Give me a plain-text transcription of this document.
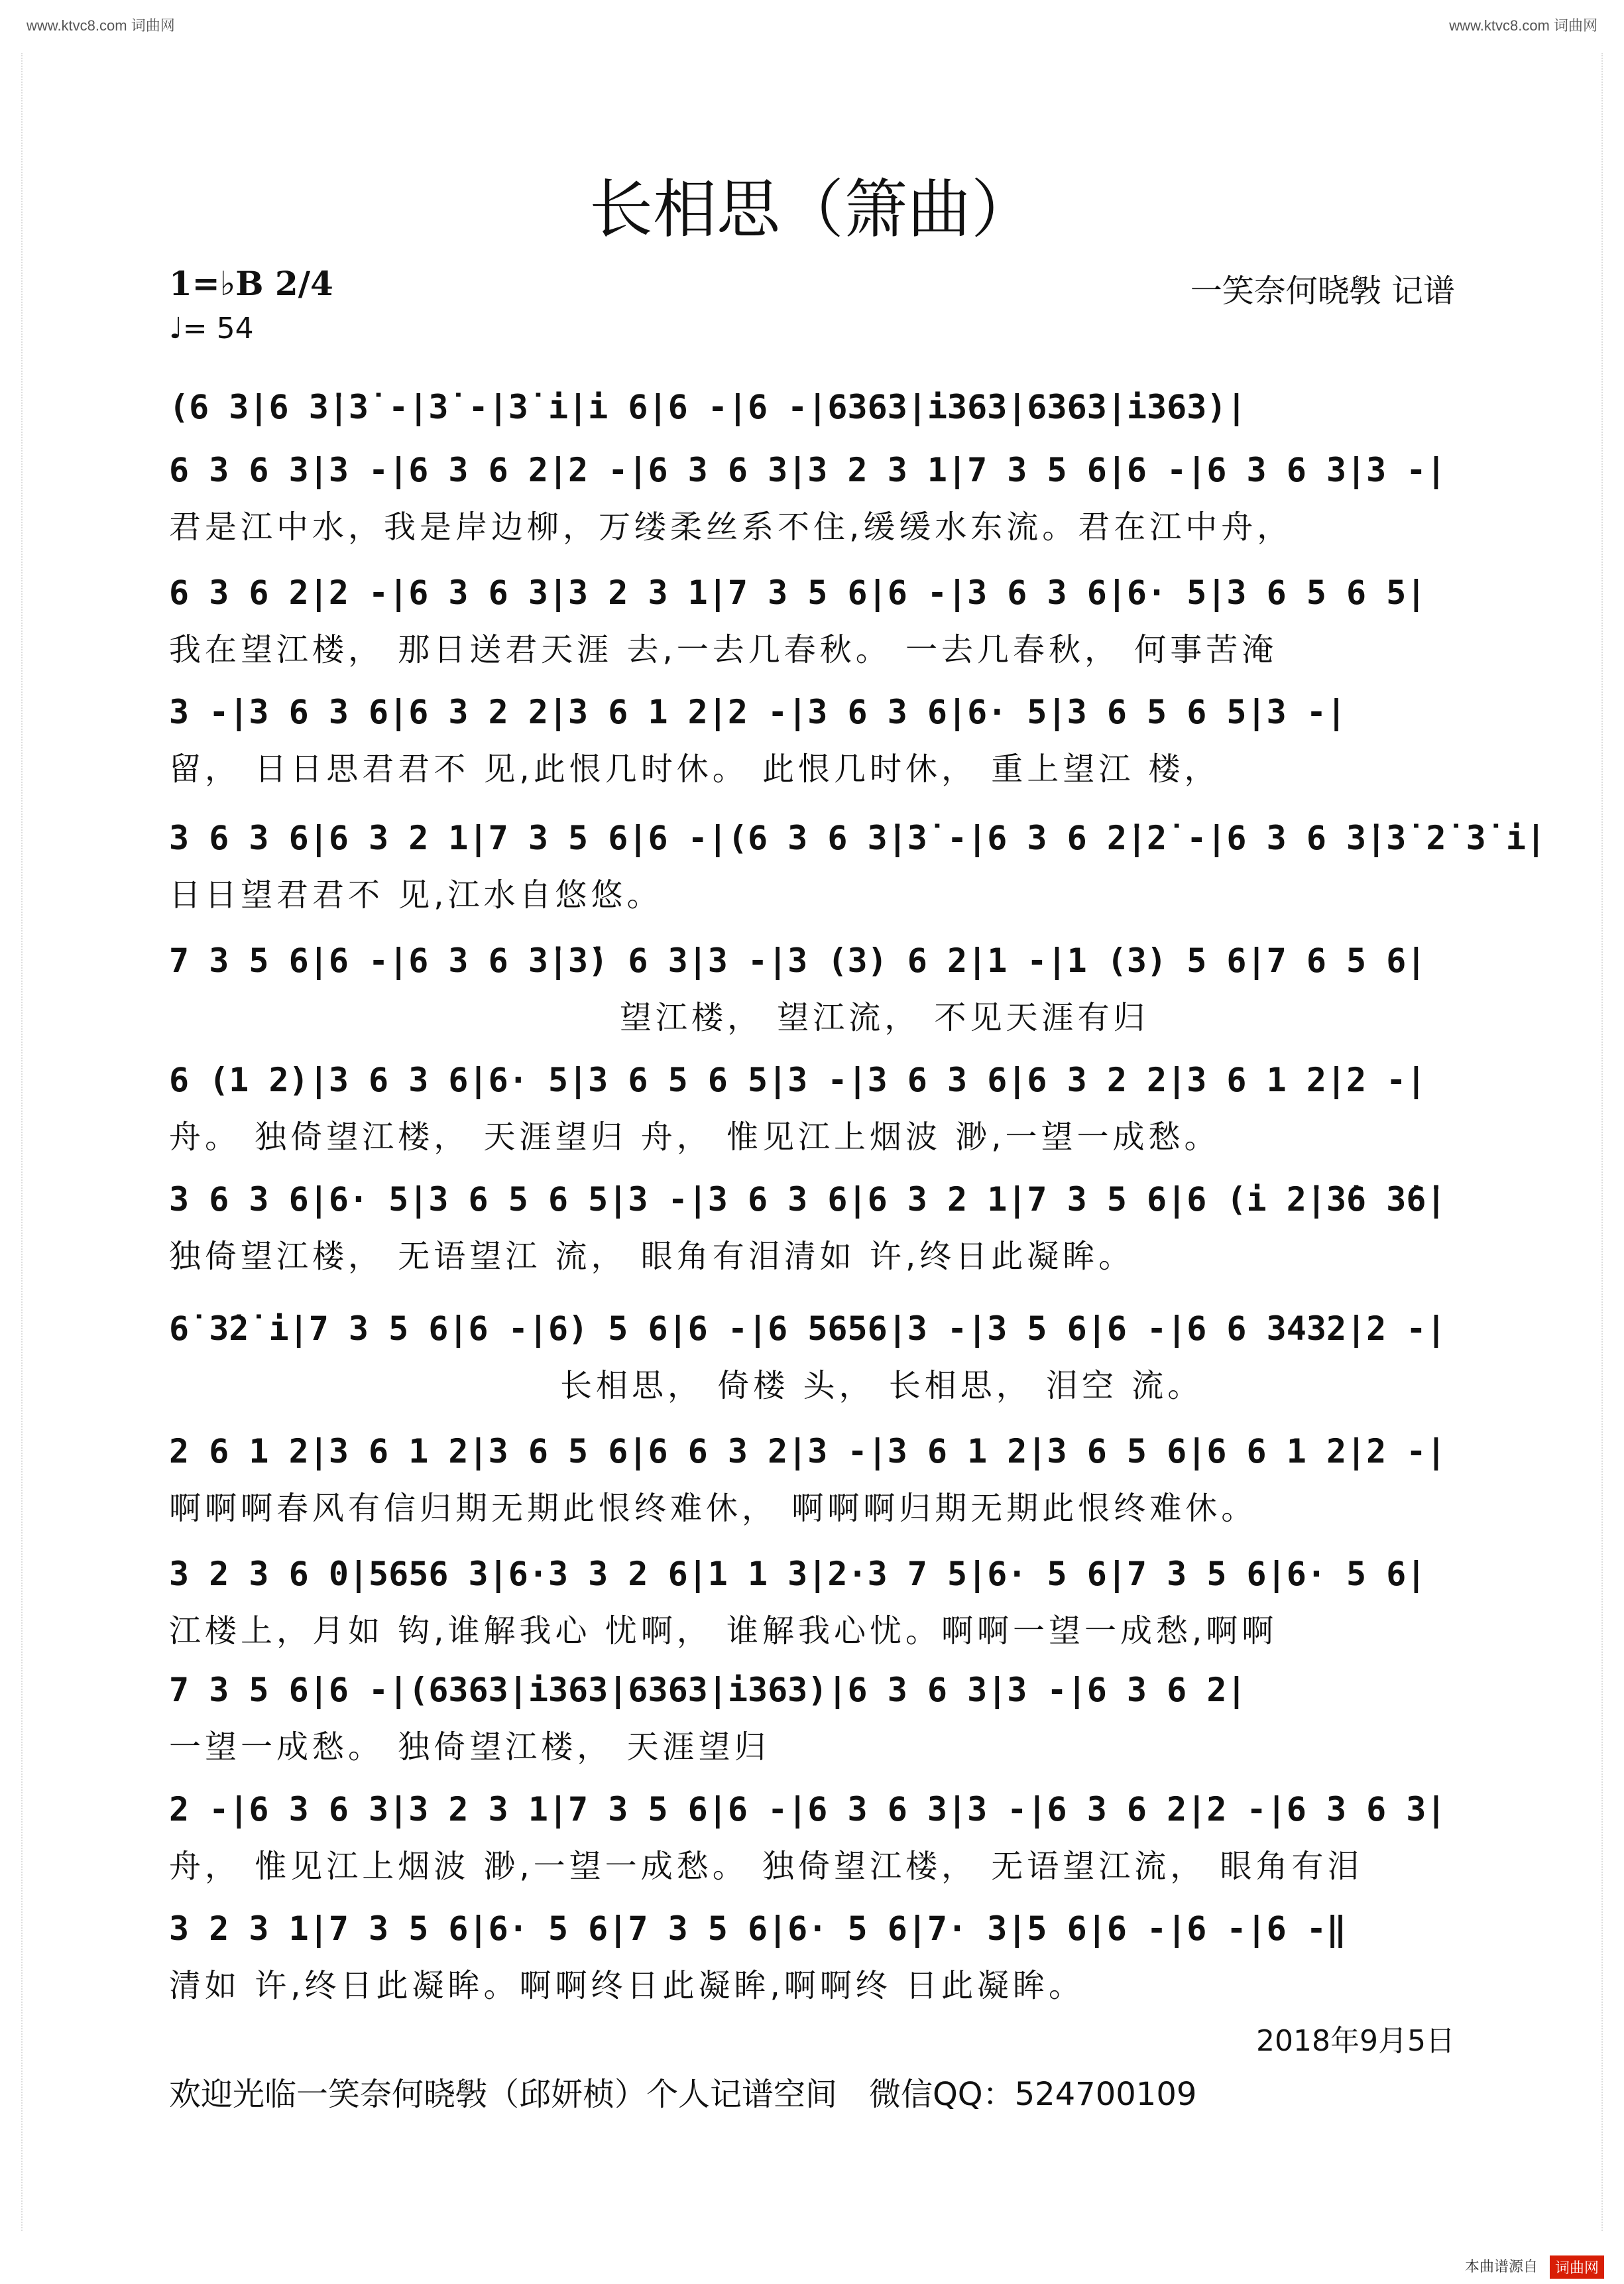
www.ktvc8.com 词曲网	www.ktvc8.com 词曲网
长相思（箫曲）
1=♭B 2/4
♩= 54
一笑奈何晓斅 记谱
(6 3|6 3̇|3̇ -|3̇ -|3̇ i|i 6|6 -|6 -|6363|i363|6363|i363)|
6 3 6 3|3 -|6 3 6 2|2 -|6 3 6 3|3 2 3 1|7 3 5 6|6 -|6 3 6 3|3 -|
君是江中水，我是岸边柳，万缕柔丝系不住,缓缓水东流。君在江中舟，
6 3 6 2|2 -|6 3 6 3|3 2 3 1|7 3 5 6|6 -|3 6 3 6|6· 5|3 6 5 6 5|
我在望江楼， 那日送君天涯 去,一去几春秋。 一去几春秋， 何事苦淹
3 -|3 6 3 6|6 3 2 2|3 6 1 2|2 -|3 6 3 6|6· 5|3 6 5 6 5|3 -|
留， 日日思君君不 见,此恨几时休。 此恨几时休， 重上望江 楼，
3 6 3 6|6 3 2 1|7 3 5 6|6 -|(6 3 6 3̇|3̇ -|6 3 6 2̇|2̇ -|6 3 6 3̇|3̇ 2̇ 3̇ i|
日日望君君不 见,江水自悠悠。
7 3 5 6|6 -|6 3 6 3̇|3̇) 6 3|3 -|3 (3) 6 2|1 -|1 (3) 5 6|7 6 5 6|
望江楼， 望江流， 不见天涯有归
6 (1 2)|3 6 3 6|6· 5|3 6 5 6 5|3 -|3 6 3 6|6 3 2 2|3 6 1 2|2 -|
舟。 独倚望江楼， 天涯望归 舟， 惟见江上烟波 渺,一望一成愁。
3 6 3 6|6· 5|3 6 5 6 5|3 -|3 6 3 6|6 3 2 1|7 3 5 6|6 (i 2̇|3̇6 3̇6̇|
独倚望江楼， 无语望江 流， 眼角有泪清如 许,终日此凝眸。
6̇ 3̇2̇ i|7 3 5 6|6 -|6) 5 6|6 -|6 5656|3 -|3 5 6|6 -|6 6 3432|2 -|
长相思， 倚楼 头， 长相思， 泪空 流。
2 6 1 2|3 6 1 2|3 6 5 6|6 6 3 2|3 -|3 6 1 2|3 6 5 6|6 6 1 2|2 -|
啊啊啊春风有信归期无期此恨终难休， 啊啊啊归期无期此恨终难休。
3 2 3 6 0|5656 3|6·3 3 2 6|1 1 3|2·3 7 5|6· 5 6|7 3 5 6|6· 5 6|
江楼上，月如 钩,谁解我心 忧啊， 谁解我心忧。啊啊一望一成愁,啊啊
7 3 5 6|6 -|(6363|i363|6363|i363)|6 3 6 3|3 -|6 3 6 2|
一望一成愁。 独倚望江楼， 天涯望归
2 -|6 3 6 3|3 2 3 1|7 3 5 6|6 -|6 3 6 3|3 -|6 3 6 2|2 -|6 3 6 3|
舟， 惟见江上烟波 渺,一望一成愁。 独倚望江楼， 无语望江流， 眼角有泪
3 2 3 1|7 3 5 6|6· 5 6|7 3 5 6|6· 5 6|7· 3|5 6|6 -|6 -|6 -‖
清如 许,终日此凝眸。啊啊终日此凝眸,啊啊终 日此凝眸。
2018年9月5日
欢迎光临一笑奈何晓斅（邱妍桢）个人记谱空间　微信QQ：524700109
本曲谱源自	词曲网
